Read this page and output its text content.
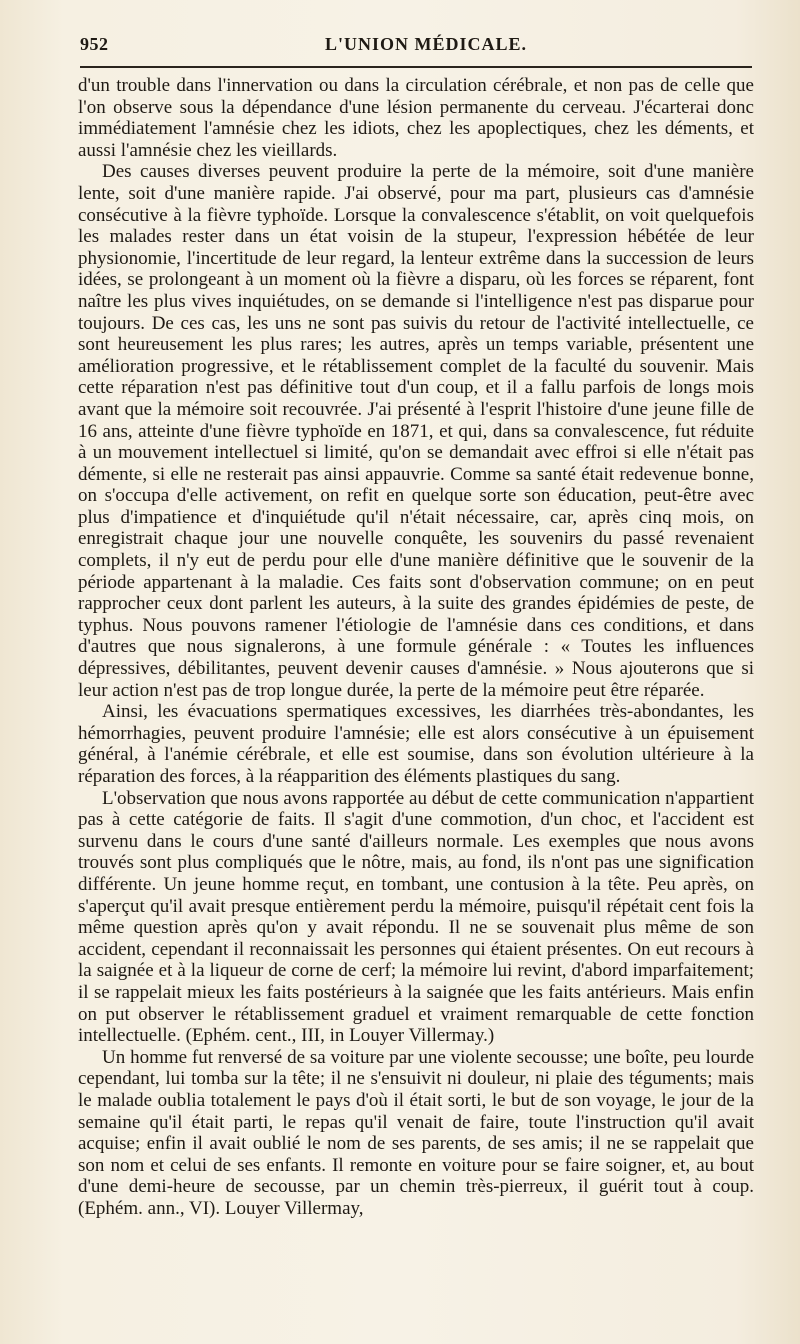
952	L'UNION MÉDICALE.

d'un trouble dans l'innervation ou dans la circulation cérébrale, et non pas de celle que l'on observe sous la dépendance d'une lésion permanente du cerveau. J'écarterai donc immédiatement l'amnésie chez les idiots, chez les apoplectiques, chez les déments, et aussi l'amnésie chez les vieillards.

Des causes diverses peuvent produire la perte de la mémoire, soit d'une manière lente, soit d'une manière rapide. J'ai observé, pour ma part, plusieurs cas d'amnésie consécutive à la fièvre typhoïde. Lorsque la convalescence s'établit, on voit quelquefois les malades rester dans un état voisin de la stupeur, l'expression hébétée de leur physionomie, l'incertitude de leur regard, la lenteur extrême dans la succession de leurs idées, se prolongeant à un moment où la fièvre a disparu, où les forces se réparent, font naître les plus vives inquiétudes, on se demande si l'intelligence n'est pas disparue pour toujours. De ces cas, les uns ne sont pas suivis du retour de l'activité intellectuelle, ce sont heureusement les plus rares; les autres, après un temps variable, présentent une amélioration progressive, et le rétablissement complet de la faculté du souvenir. Mais cette réparation n'est pas définitive tout d'un coup, et il a fallu parfois de longs mois avant que la mémoire soit recouvrée. J'ai présenté à l'esprit l'histoire d'une jeune fille de 16 ans, atteinte d'une fièvre typhoïde en 1871, et qui, dans sa convalescence, fut réduite à un mouvement intellectuel si limité, qu'on se demandait avec effroi si elle n'était pas démente, si elle ne resterait pas ainsi appauvrie. Comme sa santé était redevenue bonne, on s'occupa d'elle activement, on refit en quelque sorte son éducation, peut-être avec plus d'impatience et d'inquiétude qu'il n'était nécessaire, car, après cinq mois, on enregistrait chaque jour une nouvelle conquête, les souvenirs du passé revenaient complets, il n'y eut de perdu pour elle d'une manière définitive que le souvenir de la période appartenant à la maladie. Ces faits sont d'observation commune; on en peut rapprocher ceux dont parlent les auteurs, à la suite des grandes épidémies de peste, de typhus. Nous pouvons ramener l'étiologie de l'amnésie dans ces conditions, et dans d'autres que nous signalerons, à une formule générale : « Toutes les influences dépressives, débilitantes, peuvent devenir causes d'amnésie. » Nous ajouterons que si leur action n'est pas de trop longue durée, la perte de la mémoire peut être réparée.

Ainsi, les évacuations spermatiques excessives, les diarrhées très-abondantes, les hémorrhagies, peuvent produire l'amnésie; elle est alors consécutive à un épuisement général, à l'anémie cérébrale, et elle est soumise, dans son évolution ultérieure à la réparation des forces, à la réapparition des éléments plastiques du sang.

L'observation que nous avons rapportée au début de cette communication n'appartient pas à cette catégorie de faits. Il s'agit d'une commotion, d'un choc, et l'accident est survenu dans le cours d'une santé d'ailleurs normale. Les exemples que nous avons trouvés sont plus compliqués que le nôtre, mais, au fond, ils n'ont pas une signification différente. Un jeune homme reçut, en tombant, une contusion à la tête. Peu après, on s'aperçut qu'il avait presque entièrement perdu la mémoire, puisqu'il répétait cent fois la même question après qu'on y avait répondu. Il ne se souvenait plus même de son accident, cependant il reconnaissait les personnes qui étaient présentes. On eut recours à la saignée et à la liqueur de corne de cerf; la mémoire lui revint, d'abord imparfaitement; il se rappelait mieux les faits postérieurs à la saignée que les faits antérieurs. Mais enfin on put observer le rétablissement graduel et vraiment remarquable de cette fonction intellectuelle. (Ephém. cent., III, in Louyer Villermay.)

Un homme fut renversé de sa voiture par une violente secousse; une boîte, peu lourde cependant, lui tomba sur la tête; il ne s'ensuivit ni douleur, ni plaie des téguments; mais le malade oublia totalement le pays d'où il était sorti, le but de son voyage, le jour de la semaine qu'il était parti, le repas qu'il venait de faire, toute l'instruction qu'il avait acquise; enfin il avait oublié le nom de ses parents, de ses amis; il ne se rappelait que son nom et celui de ses enfants. Il remonte en voiture pour se faire soigner, et, au bout d'une demi-heure de secousse, par un chemin très-pierreux, il guérit tout à coup. (Ephém. ann., VI). Louyer Villermay,
